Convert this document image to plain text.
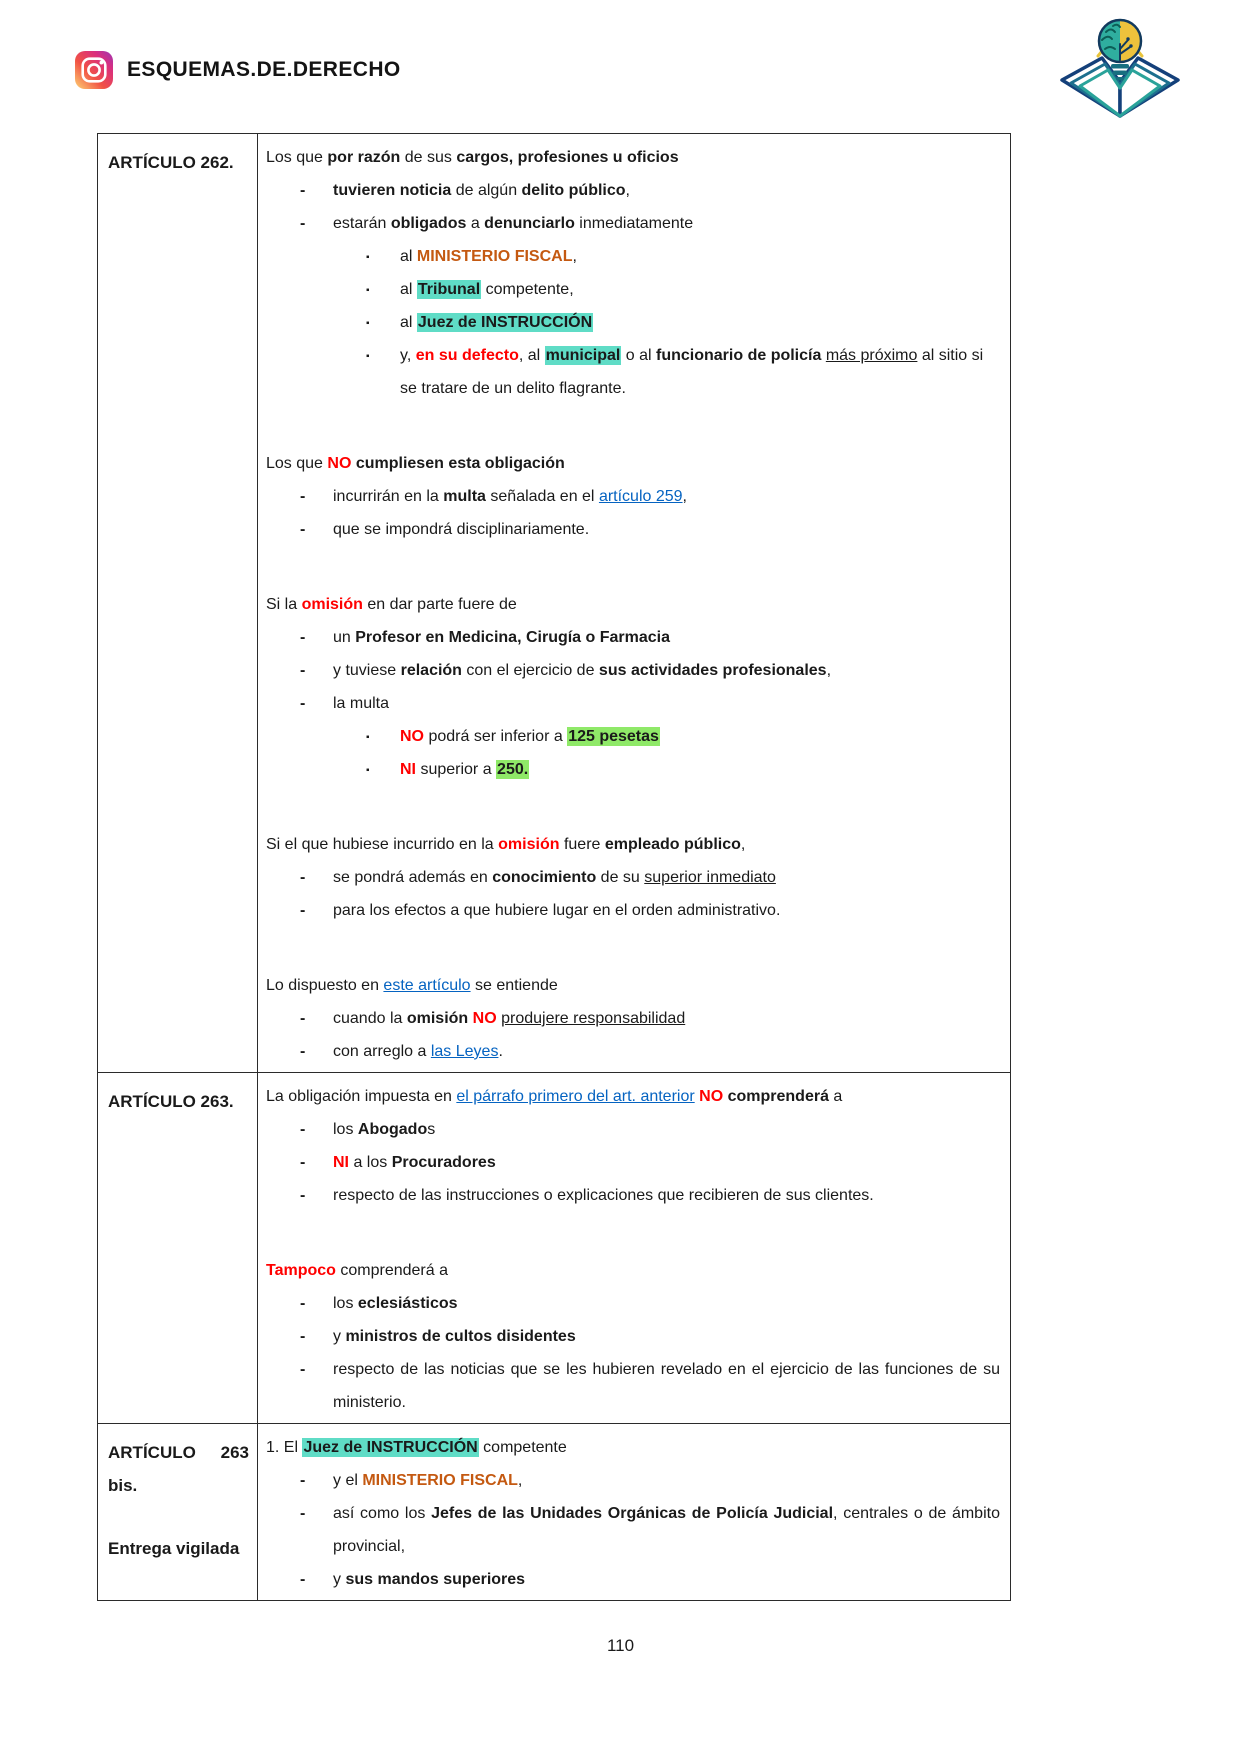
ESQUEMAS.DE.DERECHO
ARTÍCULO 262.	Los que por razón de sus cargos, profesiones u oficios
- tuvieren noticia de algún delito público,
- estarán obligados a denunciarlo inmediatamente
▪ al MINISTERIO FISCAL,
▪ al Tribunal competente,
▪ al Juez de INSTRUCCIÓN
▪ y, en su defecto, al municipal o al funcionario de policía más próximo al sitio si se tratare de un delito flagrante.
Los que NO cumpliesen esta obligación
- incurrirán en la multa señalada en el artículo 259,
- que se impondrá disciplinariamente.
Si la omisión en dar parte fuere de
- un Profesor en Medicina, Cirugía o Farmacia
- y tuviese relación con el ejercicio de sus actividades profesionales,
- la multa
▪ NO podrá ser inferior a 125 pesetas
▪ NI superior a 250.
Si el que hubiese incurrido en la omisión fuere empleado público,
- se pondrá además en conocimiento de su superior inmediato
- para los efectos a que hubiere lugar en el orden administrativo.
Lo dispuesto en este artículo se entiende
- cuando la omisión NO produjere responsabilidad
- con arreglo a las Leyes.
ARTÍCULO 263.	La obligación impuesta en el párrafo primero del art. anterior NO comprenderá a
- los Abogados
- NI a los Procuradores
- respecto de las instrucciones o explicaciones que recibieren de sus clientes.
Tampoco comprenderá a
- los eclesiásticos
- y ministros de cultos disidentes
- respecto de las noticias que se les hubieren revelado en el ejercicio de las funciones de su ministerio.
ARTÍCULO 263 bis.
Entrega vigilada
1. El Juez de INSTRUCCIÓN competente
- y el MINISTERIO FISCAL,
- así como los Jefes de las Unidades Orgánicas de Policía Judicial, centrales o de ámbito provincial,
- y sus mandos superiores
110
